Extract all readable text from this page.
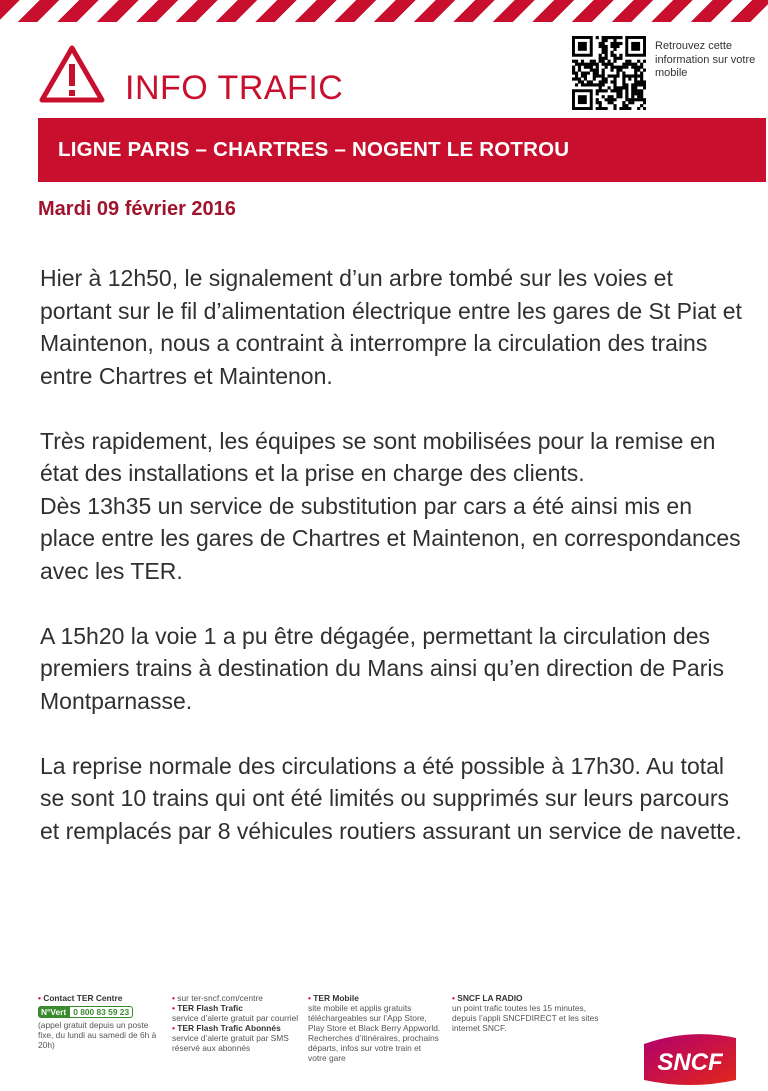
INFO TRAFIC
Retrouvez cette information sur votre mobile
LIGNE PARIS – CHARTRES – NOGENT LE ROTROU
Mardi 09 février 2016

Hier à 12h50, le signalement d’un arbre tombé sur les voies et portant sur le fil d’alimentation électrique entre les gares de St Piat et Maintenon, nous a contraint à interrompre la circulation des trains entre Chartres et Maintenon.

Très rapidement, les équipes se sont mobilisées pour la remise en état des installations et la prise en charge des clients.

Dès 13h35 un service de substitution par cars a été ainsi mis en place entre les gares de Chartres et Maintenon, en correspondances avec les TER.

A 15h20 la voie 1 a pu être dégagée, permettant la circulation des premiers trains à destination du Mans ainsi qu’en direction de Paris Montparnasse.

La reprise normale des circulations a été possible à 17h30. Au total se sont 10 trains qui ont été limités ou supprimés sur leurs parcours et remplacés par 8 véhicules routiers assurant un service de navette.

• Contact TER Centre
N°Vert 0 800 83 59 23
(appel gratuit depuis un poste fixe, du lundi au samedi de 6h à 20h)
• sur ter-sncf.com/centre
• TER Flash Trafic
service d’alerte gratuit par courriel
• TER Flash Trafic Abonnés
service d’alerte gratuit par SMS réservé aux abonnés
• TER Mobile
site mobile et applis gratuits téléchargeables sur l’App Store, Play Store et Black Berry Appworld. Recherches d’itinéraires, prochains départs, infos sur votre train et votre gare
• SNCF LA RADIO
un point trafic toutes les 15 minutes, depuis l’appli SNCFDIRECT et les sites internet SNCF.
SNCF
